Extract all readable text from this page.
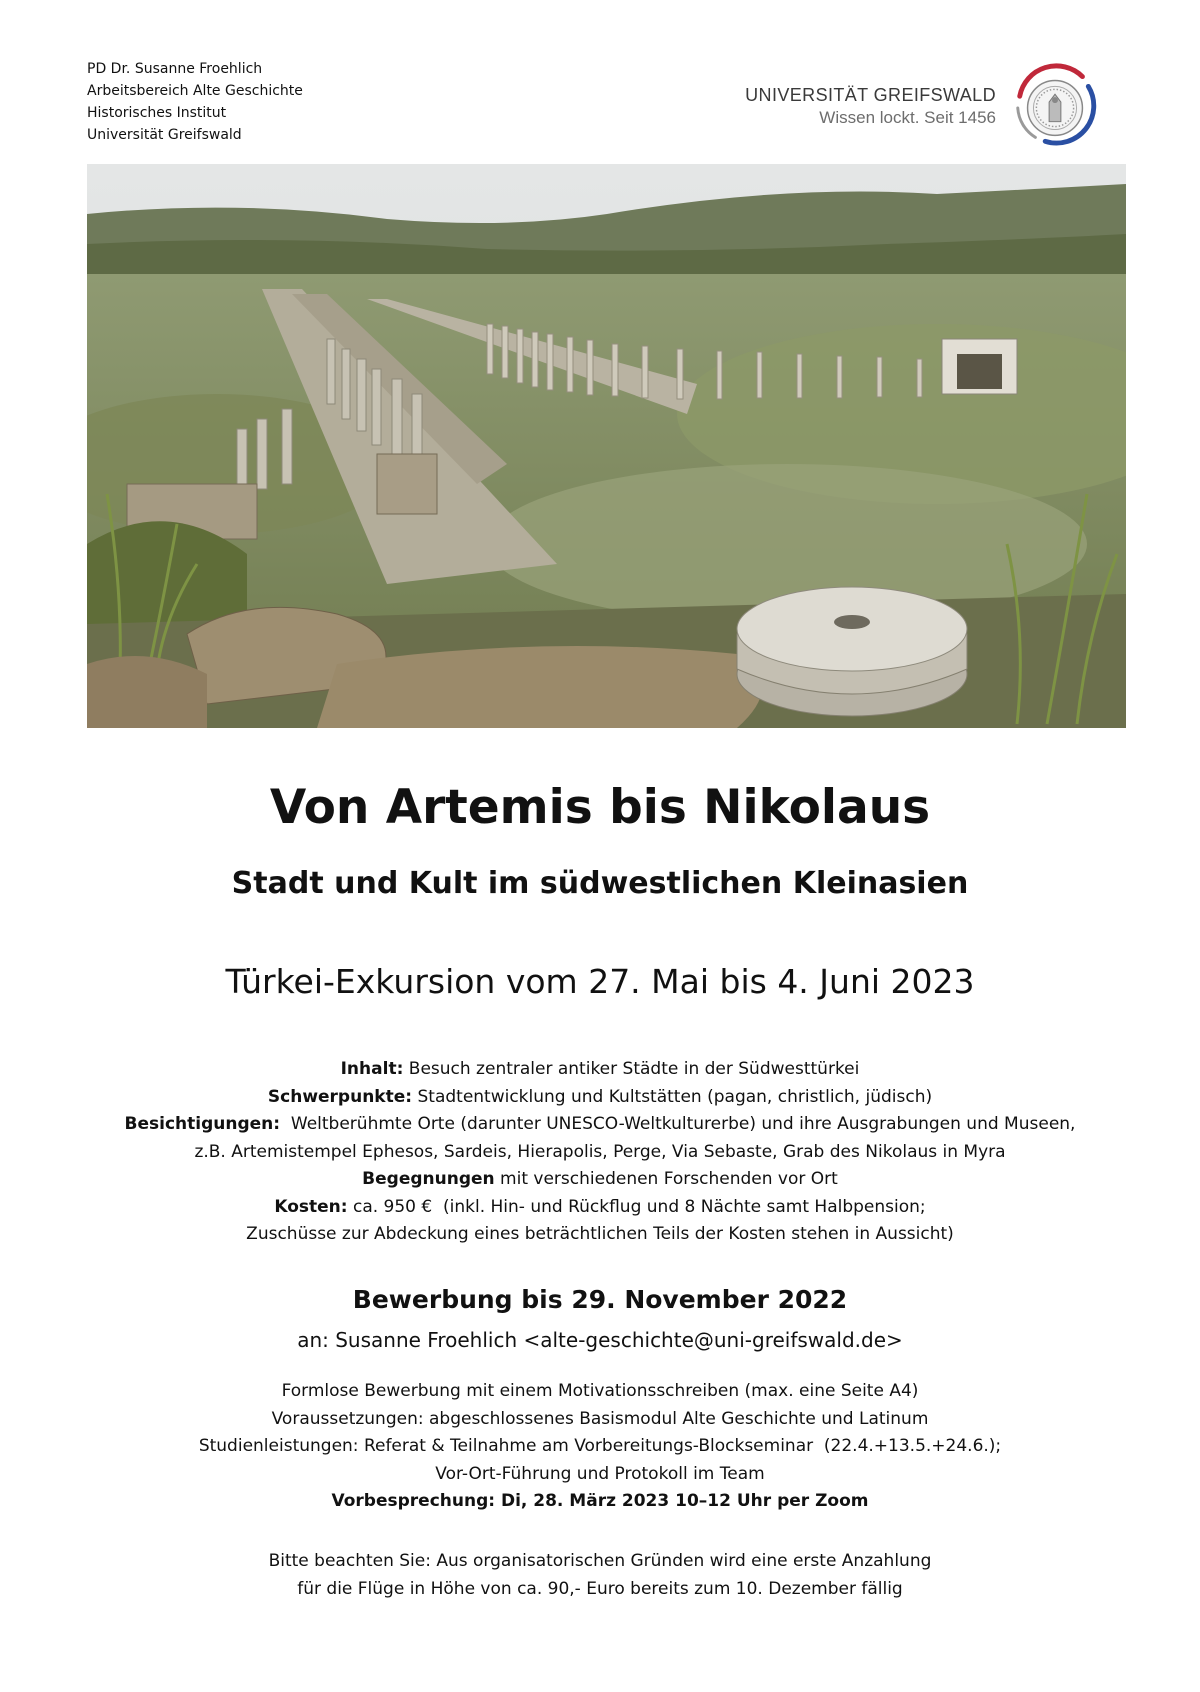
PD Dr. Susanne Froehlich
Arbeitsbereich Alte Geschichte
Historisches Institut
Universität Greifswald
UNIVERSITÄT GREIFSWALD
Wissen lockt. Seit 1456
Von Artemis bis Nikolaus
Stadt und Kult im südwestlichen Kleinasien
Türkei-Exkursion vom 27. Mai bis 4. Juni 2023
Inhalt: Besuch zentraler antiker Städte in der Südwesttürkei
Schwerpunkte: Stadtentwicklung und Kultstätten (pagan, christlich, jüdisch)
Besichtigungen:  Weltberühmte Orte (darunter UNESCO-Weltkulturerbe) und ihre Ausgrabungen und Museen,
z.B. Artemistempel Ephesos, Sardeis, Hierapolis, Perge, Via Sebaste, Grab des Nikolaus in Myra
Begegnungen mit verschiedenen Forschenden vor Ort
Kosten: ca. 950 €  (inkl. Hin- und Rückflug und 8 Nächte samt Halbpension;
Zuschüsse zur Abdeckung eines beträchtlichen Teils der Kosten stehen in Aussicht)
Bewerbung bis 29. November 2022
an: Susanne Froehlich <alte-geschichte@uni-greifswald.de>
Formlose Bewerbung mit einem Motivationsschreiben (max. eine Seite A4)
Voraussetzungen: abgeschlossenes Basismodul Alte Geschichte und Latinum
Studienleistungen: Referat & Teilnahme am Vorbereitungs-Blockseminar  (22.4.+13.5.+24.6.);
Vor-Ort-Führung und Protokoll im Team
Vorbesprechung: Di, 28. März 2023 10–12 Uhr per Zoom
Bitte beachten Sie: Aus organisatorischen Gründen wird eine erste Anzahlung
für die Flüge in Höhe von ca. 90,- Euro bereits zum 10. Dezember fällig
